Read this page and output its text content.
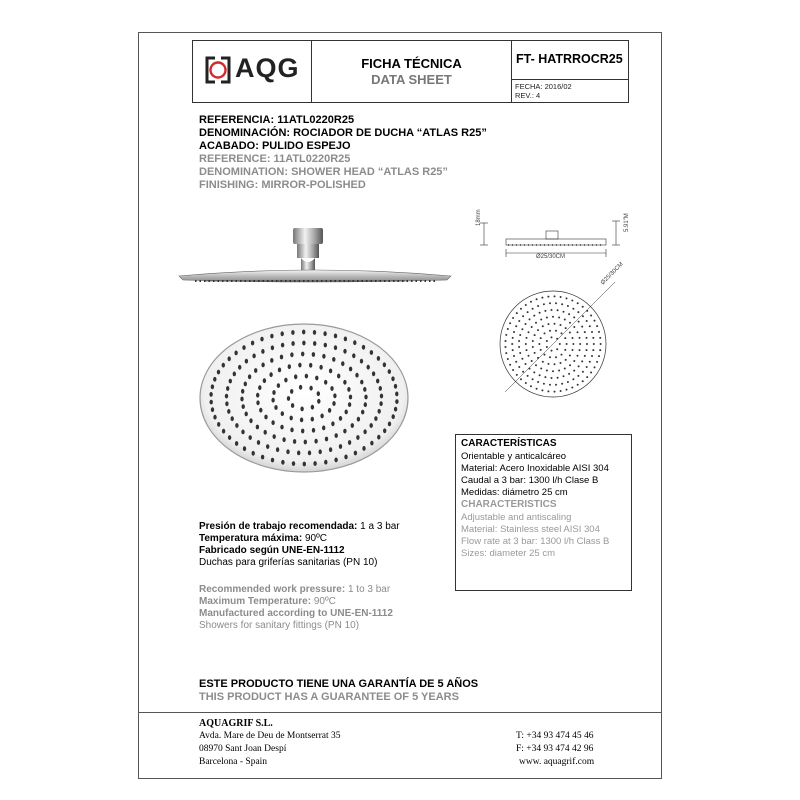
AQG	FICHA TÉCNICA
DATA SHEET
FT- HATRROCR25
FECHA: 2016/02
REV.: 4
REFERENCIA: 11ATL0220R25
DENOMINACIÓN: ROCIADOR DE DUCHA “ATLAS R25”
ACABADO: PULIDO ESPEJO
REFERENCE: 11ATL0220R25
DENOMINATION: SHOWER HEAD “ATLAS R25”
FINISHING: MIRROR-POLISHED
18mm	5.91″M
Ø25/30CM
Ø25/30CM
CARACTERÍSTICAS
Orientable y anticalcáreo
Material: Acero Inoxidable AISI 304
Caudal a 3 bar: 1300 l/h Clase B
Medidas: diámetro 25 cm
CHARACTERISTICS
Adjustable and antiscaling
Material: Stainless steel AISI 304
Flow rate at 3 bar: 1300 l/h Class B
Sizes: diameter 25 cm
Presión de trabajo recomendada: 1 a 3 bar
Temperatura máxima: 90ºC
Fabricado según UNE-EN-1112
Duchas para griferías sanitarias (PN 10)
Recommended work pressure: 1 to 3 bar
Maximum Temperature: 90ºC
Manufactured according to UNE-EN-1112
Showers for sanitary fittings (PN 10)
ESTE PRODUCTO TIENE UNA GARANTÍA DE 5 AÑOS
THIS PRODUCT HAS A GUARANTEE OF 5 YEARS
AQUAGRIF S.L.
Avda. Mare de Deu de Montserrat 35
08970 Sant Joan Despí
Barcelona - Spain
T: +34 93 474 45 46
F: +34 93 474 42 96
www. aquagrif.com
